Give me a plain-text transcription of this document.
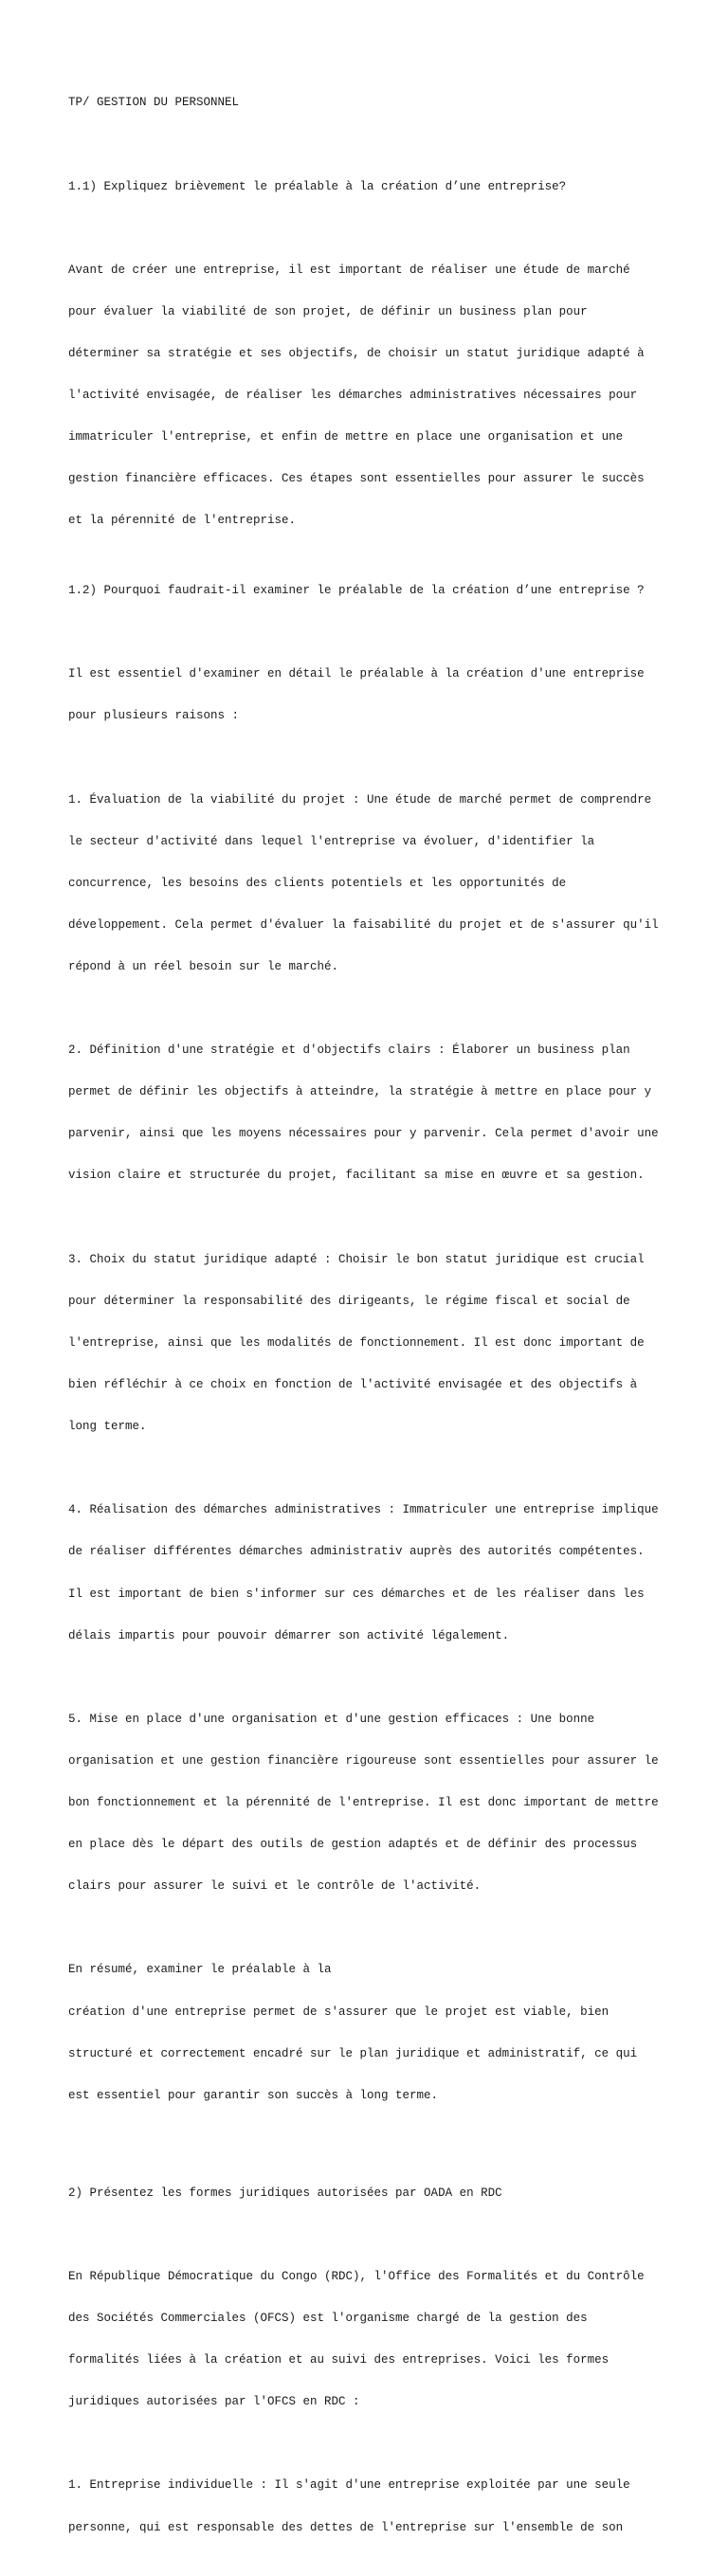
TP/ GESTION DU PERSONNEL

1.1) Expliquez brièvement le préalable à la création d’une entreprise?

Avant de créer une entreprise, il est important de réaliser une étude de marché

pour évaluer la viabilité de son projet, de définir un business plan pour

déterminer sa stratégie et ses objectifs, de choisir un statut juridique adapté à

l'activité envisagée, de réaliser les démarches administratives nécessaires pour

immatriculer l'entreprise, et enfin de mettre en place une organisation et une

gestion financière efficaces. Ces étapes sont essentielles pour assurer le succès

et la pérennité de l'entreprise.

1.2) Pourquoi faudrait-il examiner le préalable de la création d’une entreprise ?

Il est essentiel d'examiner en détail le préalable à la création d'une entreprise

pour plusieurs raisons :

1. Évaluation de la viabilité du projet : Une étude de marché permet de comprendre

le secteur d'activité dans lequel l'entreprise va évoluer, d'identifier la

concurrence, les besoins des clients potentiels et les opportunités de

développement. Cela permet d'évaluer la faisabilité du projet et de s'assurer qu'il

répond à un réel besoin sur le marché.

2. Définition d'une stratégie et d'objectifs clairs : Élaborer un business plan

permet de définir les objectifs à atteindre, la stratégie à mettre en place pour y

parvenir, ainsi que les moyens nécessaires pour y parvenir. Cela permet d'avoir une

vision claire et structurée du projet, facilitant sa mise en œuvre et sa gestion.

3. Choix du statut juridique adapté : Choisir le bon statut juridique est crucial

pour déterminer la responsabilité des dirigeants, le régime fiscal et social de

l'entreprise, ainsi que les modalités de fonctionnement. Il est donc important de

bien réfléchir à ce choix en fonction de l'activité envisagée et des objectifs à

long terme.

4. Réalisation des démarches administratives : Immatriculer une entreprise implique

de réaliser différentes démarches administrativ auprès des autorités compétentes.

Il est important de bien s'informer sur ces démarches et de les réaliser dans les

délais impartis pour pouvoir démarrer son activité légalement.

5. Mise en place d'une organisation et d'une gestion efficaces : Une bonne

organisation et une gestion financière rigoureuse sont essentielles pour assurer le

bon fonctionnement et la pérennité de l'entreprise. Il est donc important de mettre

en place dès le départ des outils de gestion adaptés et de définir des processus

clairs pour assurer le suivi et le contrôle de l'activité.

En résumé, examiner le préalable à la

création d'une entreprise permet de s'assurer que le projet est viable, bien

structuré et correctement encadré sur le plan juridique et administratif, ce qui

est essentiel pour garantir son succès à long terme.

2) Présentez les formes juridiques autorisées par OADA en RDC

En République Démocratique du Congo (RDC), l'Office des Formalités et du Contrôle

des Sociétés Commerciales (OFCS) est l'organisme chargé de la gestion des

formalités liées à la création et au suivi des entreprises. Voici les formes

juridiques autorisées par l'OFCS en RDC :

1. Entreprise individuelle : Il s'agit d'une entreprise exploitée par une seule

personne, qui est responsable des dettes de l'entreprise sur l'ensemble de son
